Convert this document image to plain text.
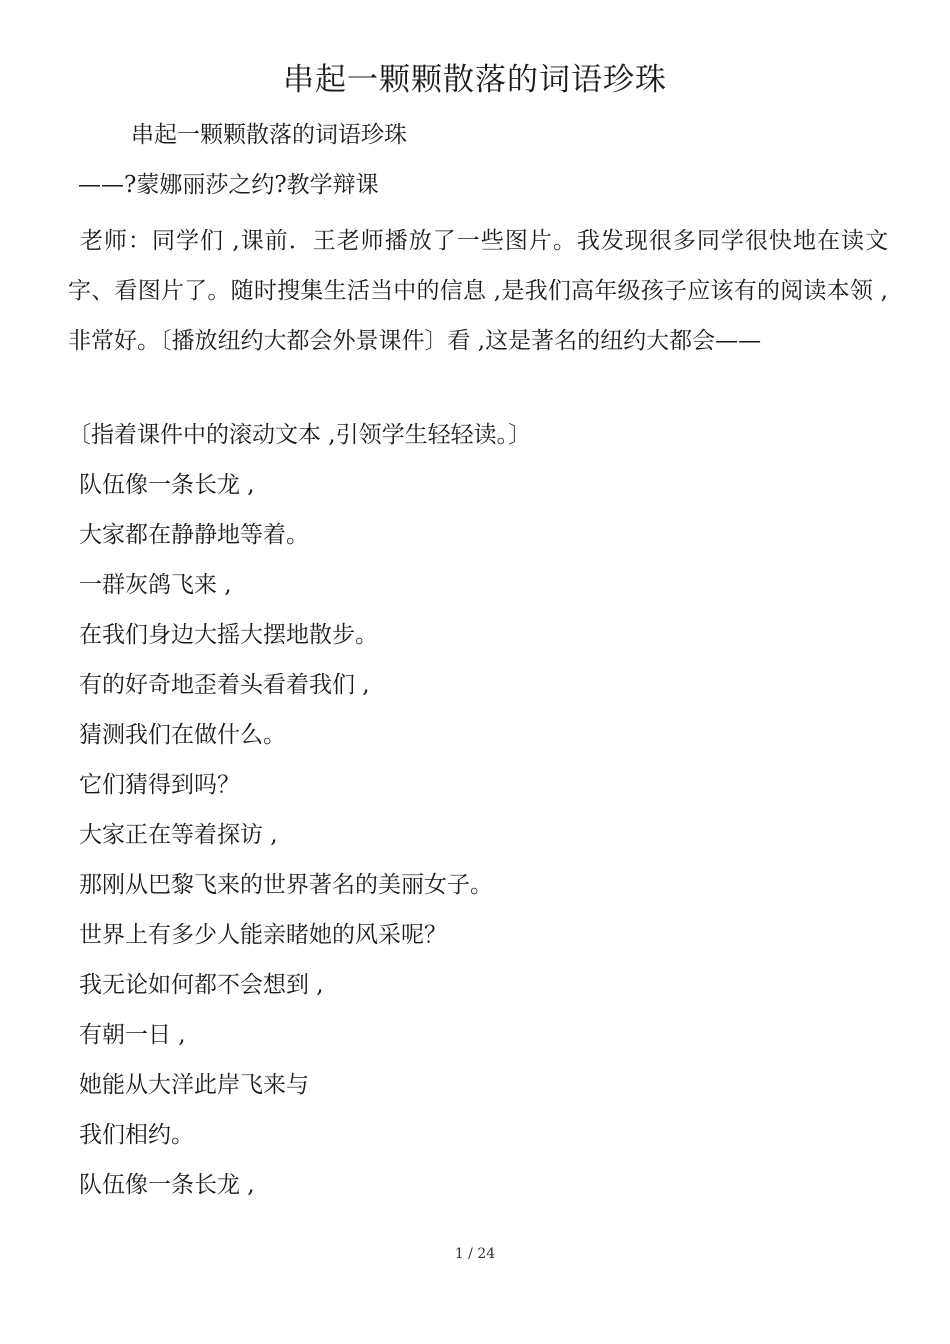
串起一颗颗散落的词语珍珠
串起一颗颗散落的词语珍珠
——?蒙娜丽莎之约?教学辩课
老师：同学们 ,课前．王老师播放了一些图片。我发现很多同学很快地在读文字、看图片了。随时搜集生活当中的信息 ,是我们高年级孩子应该有的阅读本领 ,非常好。〔播放纽约大都会外景课件〕看 ,这是著名的纽约大都会——
〔指着课件中的滚动文本 ,引领学生轻轻读。〕
队伍像一条长龙 ,
大家都在静静地等着。
一群灰鸽飞来 ,
在我们身边大摇大摆地散步。
有的好奇地歪着头看着我们 ,
猜测我们在做什么。
它们猜得到吗？
大家正在等着探访 ,
那刚从巴黎飞来的世界著名的美丽女子。
世界上有多少人能亲睹她的风采呢？
我无论如何都不会想到 ,
有朝一日 ,
她能从大洋此岸飞来与
我们相约。
队伍像一条长龙 ,
1 / 24
